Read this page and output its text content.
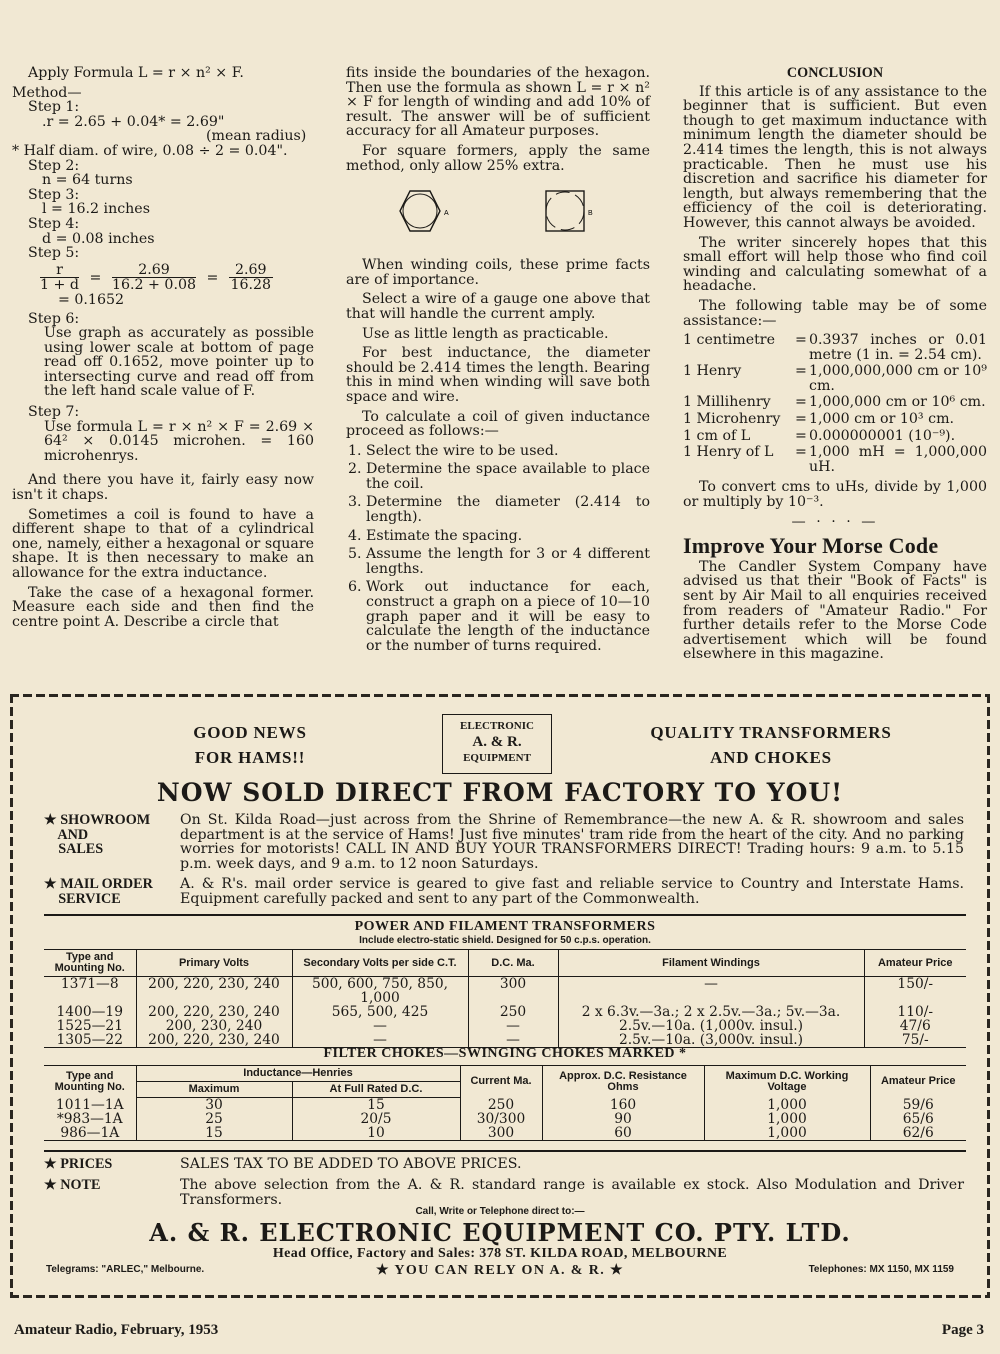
Apply Formula L = r × n² × F.

Method—
Step 1:
.r = 2.65 + 0.04* = 2.69"
(mean radius)
* Half diam. of wire, 0.08 ÷ 2 = 0.04".
Step 2:
n = 64 turns
Step 3:
l = 16.2 inches
Step 4:
d = 0.08 inches
Step 5:
$\frac{r}{1 + d} = \frac{2.69}{16.2 + 0.08} = \frac{2.69}{16.28}$
= 0.1652
Step 6:

Use graph as accurately as possible using lower scale at bottom of page read off 0.1652, move pointer up to intersecting curve and read off from the left hand scale value of F.

Step 7:

Use formula L = r × n² × F = 2.69 × 64² × 0.0145 microhen. = 160 microhenrys.

And there you have it, fairly easy now isn't it chaps.

Sometimes a coil is found to have a different shape to that of a cylindrical one, namely, either a hexagonal or square shape. It is then necessary to make an allowance for the extra inductance.

Take the case of a hexagonal former. Measure each side and then find the centre point A. Describe a circle that

fits inside the boundaries of the hexagon. Then use the formula as shown L = r × n² × F for length of winding and add 10% of result. The answer will be of sufficient accuracy for all Amateur purposes.

For square formers, apply the same method, only allow 25% extra.

A	B

When winding coils, these prime facts are of importance.

Select a wire of a gauge one above that that will handle the current amply.

Use as little length as practicable.

For best inductance, the diameter should be 2.414 times the length. Bearing this in mind when winding will save both space and wire.

To calculate a coil of given inductance proceed as follows:—

1. Select the wire to be used.
2. Determine the space available to place the coil.
3. Determine the diameter (2.414 to length).
4. Estimate the spacing.
5. Assume the length for 3 or 4 different lengths.
6. Work out inductance for each, construct a graph on a piece of 10—10 graph paper and it will be easy to calculate the length of the inductance or the number of turns required.
CONCLUSION

If this article is of any assistance to the beginner that is sufficient. But even though to get maximum inductance with minimum length the diameter should be 2.414 times the length, this is not always practicable. Then he must use his discretion and sacrifice his diameter for length, but always remembering that the efficiency of the coil is deteriorating. However, this cannot always be avoided.

The writer sincerely hopes that this small effort will help those who find coil winding and calculating somewhat of a headache.

The following table may be of some assistance:—

1 centimetre	= 0.3937 inches or 0.01 metre (1 in. = 2.54 cm).
1 Henry	= 1,000,000,000 cm or 10⁹ cm.
1 Millihenry	= 1,000,000 cm or 10⁶ cm.
1 Microhenry	= 1,000 cm or 10³ cm.
1 cm of L	= 0.000000001 (10⁻⁹).
1 Henry of L	= 1,000 mH = 1,000,000 uH.

To convert cms to uHs, divide by 1,000 or multiply by 10⁻³.

— · · · —
Improve Your Morse Code

The Candler System Company have advised us that their "Book of Facts" is sent by Air Mail to all enquiries received from readers of "Amateur Radio." For further details refer to the Morse Code advertisement which will be found elsewhere in this magazine.

GOOD NEWS
FOR HAMS!!
ELECTRONIC
A. & R.
EQUIPMENT
QUALITY TRANSFORMERS
AND CHOKES
NOW SOLD DIRECT FROM FACTORY TO YOU!
★ SHOWROOM
AND
SALES
On St. Kilda Road—just across from the Shrine of Remembrance—the new A. & R. showroom and sales department is at the service of Hams! Just five minutes' tram ride from the heart of the city. And no parking worries for motorists! CALL IN AND BUY YOUR TRANSFORMERS DIRECT! Trading hours: 9 a.m. to 5.15 p.m. week days, and 9 a.m. to 12 noon Saturdays.
★ MAIL ORDER
SERVICE
A. & R's. mail order service is geared to give fast and reliable service to Country and Interstate Hams. Equipment carefully packed and sent to any part of the Commonwealth.
POWER AND FILAMENT TRANSFORMERS
Include electro-static shield. Designed for 50 c.p.s. operation.
Type and Mounting No.	Primary Volts	Secondary Volts per side C.T.	D.C. Ma.	Filament Windings	Amateur Price
1371—8	200, 220, 230, 240	500, 600, 750, 850, 1,000	300	—	150/-
1400—19	200, 220, 230, 240	565, 500, 425	250	2 x 6.3v.—3a.; 2 x 2.5v.—3a.; 5v.—3a.	110/-
1525—21	200, 230, 240	—	—	2.5v.—10a. (1,000v. insul.)	47/6
1305—22	200, 220, 230, 240	—	—	2.5v.—10a. (3,000v. insul.)	75/-
FILTER CHOKES—SWINGING CHOKES MARKED *
Type and Mounting No.	Inductance—Henries		Current Ma.	Approx. D.C. Resistance Ohms	Maximum D.C. Working Voltage	Amateur Price
	Maximum	At Full Rated D.C.				
1011—1A	30	15	250	160	1,000	59/6
*983—1A	25	20/5	30/300	90	1,000	65/6
986—1A	15	10	300	60	1,000	62/6
★ PRICES	SALES TAX TO BE ADDED TO ABOVE PRICES.
★ NOTE	The above selection from the A. & R. standard range is available ex stock. Also Modulation and Driver Transformers.
Call, Write or Telephone direct to:—
A. & R. ELECTRONIC EQUIPMENT CO. PTY. LTD.
Head Office, Factory and Sales: 378 ST. KILDA ROAD, MELBOURNE
Telegrams: "ARLEC," Melbourne.	★ YOU CAN RELY ON A. & R. ★	Telephones: MX 1150, MX 1159
Amateur Radio, February, 1953	Page 3
